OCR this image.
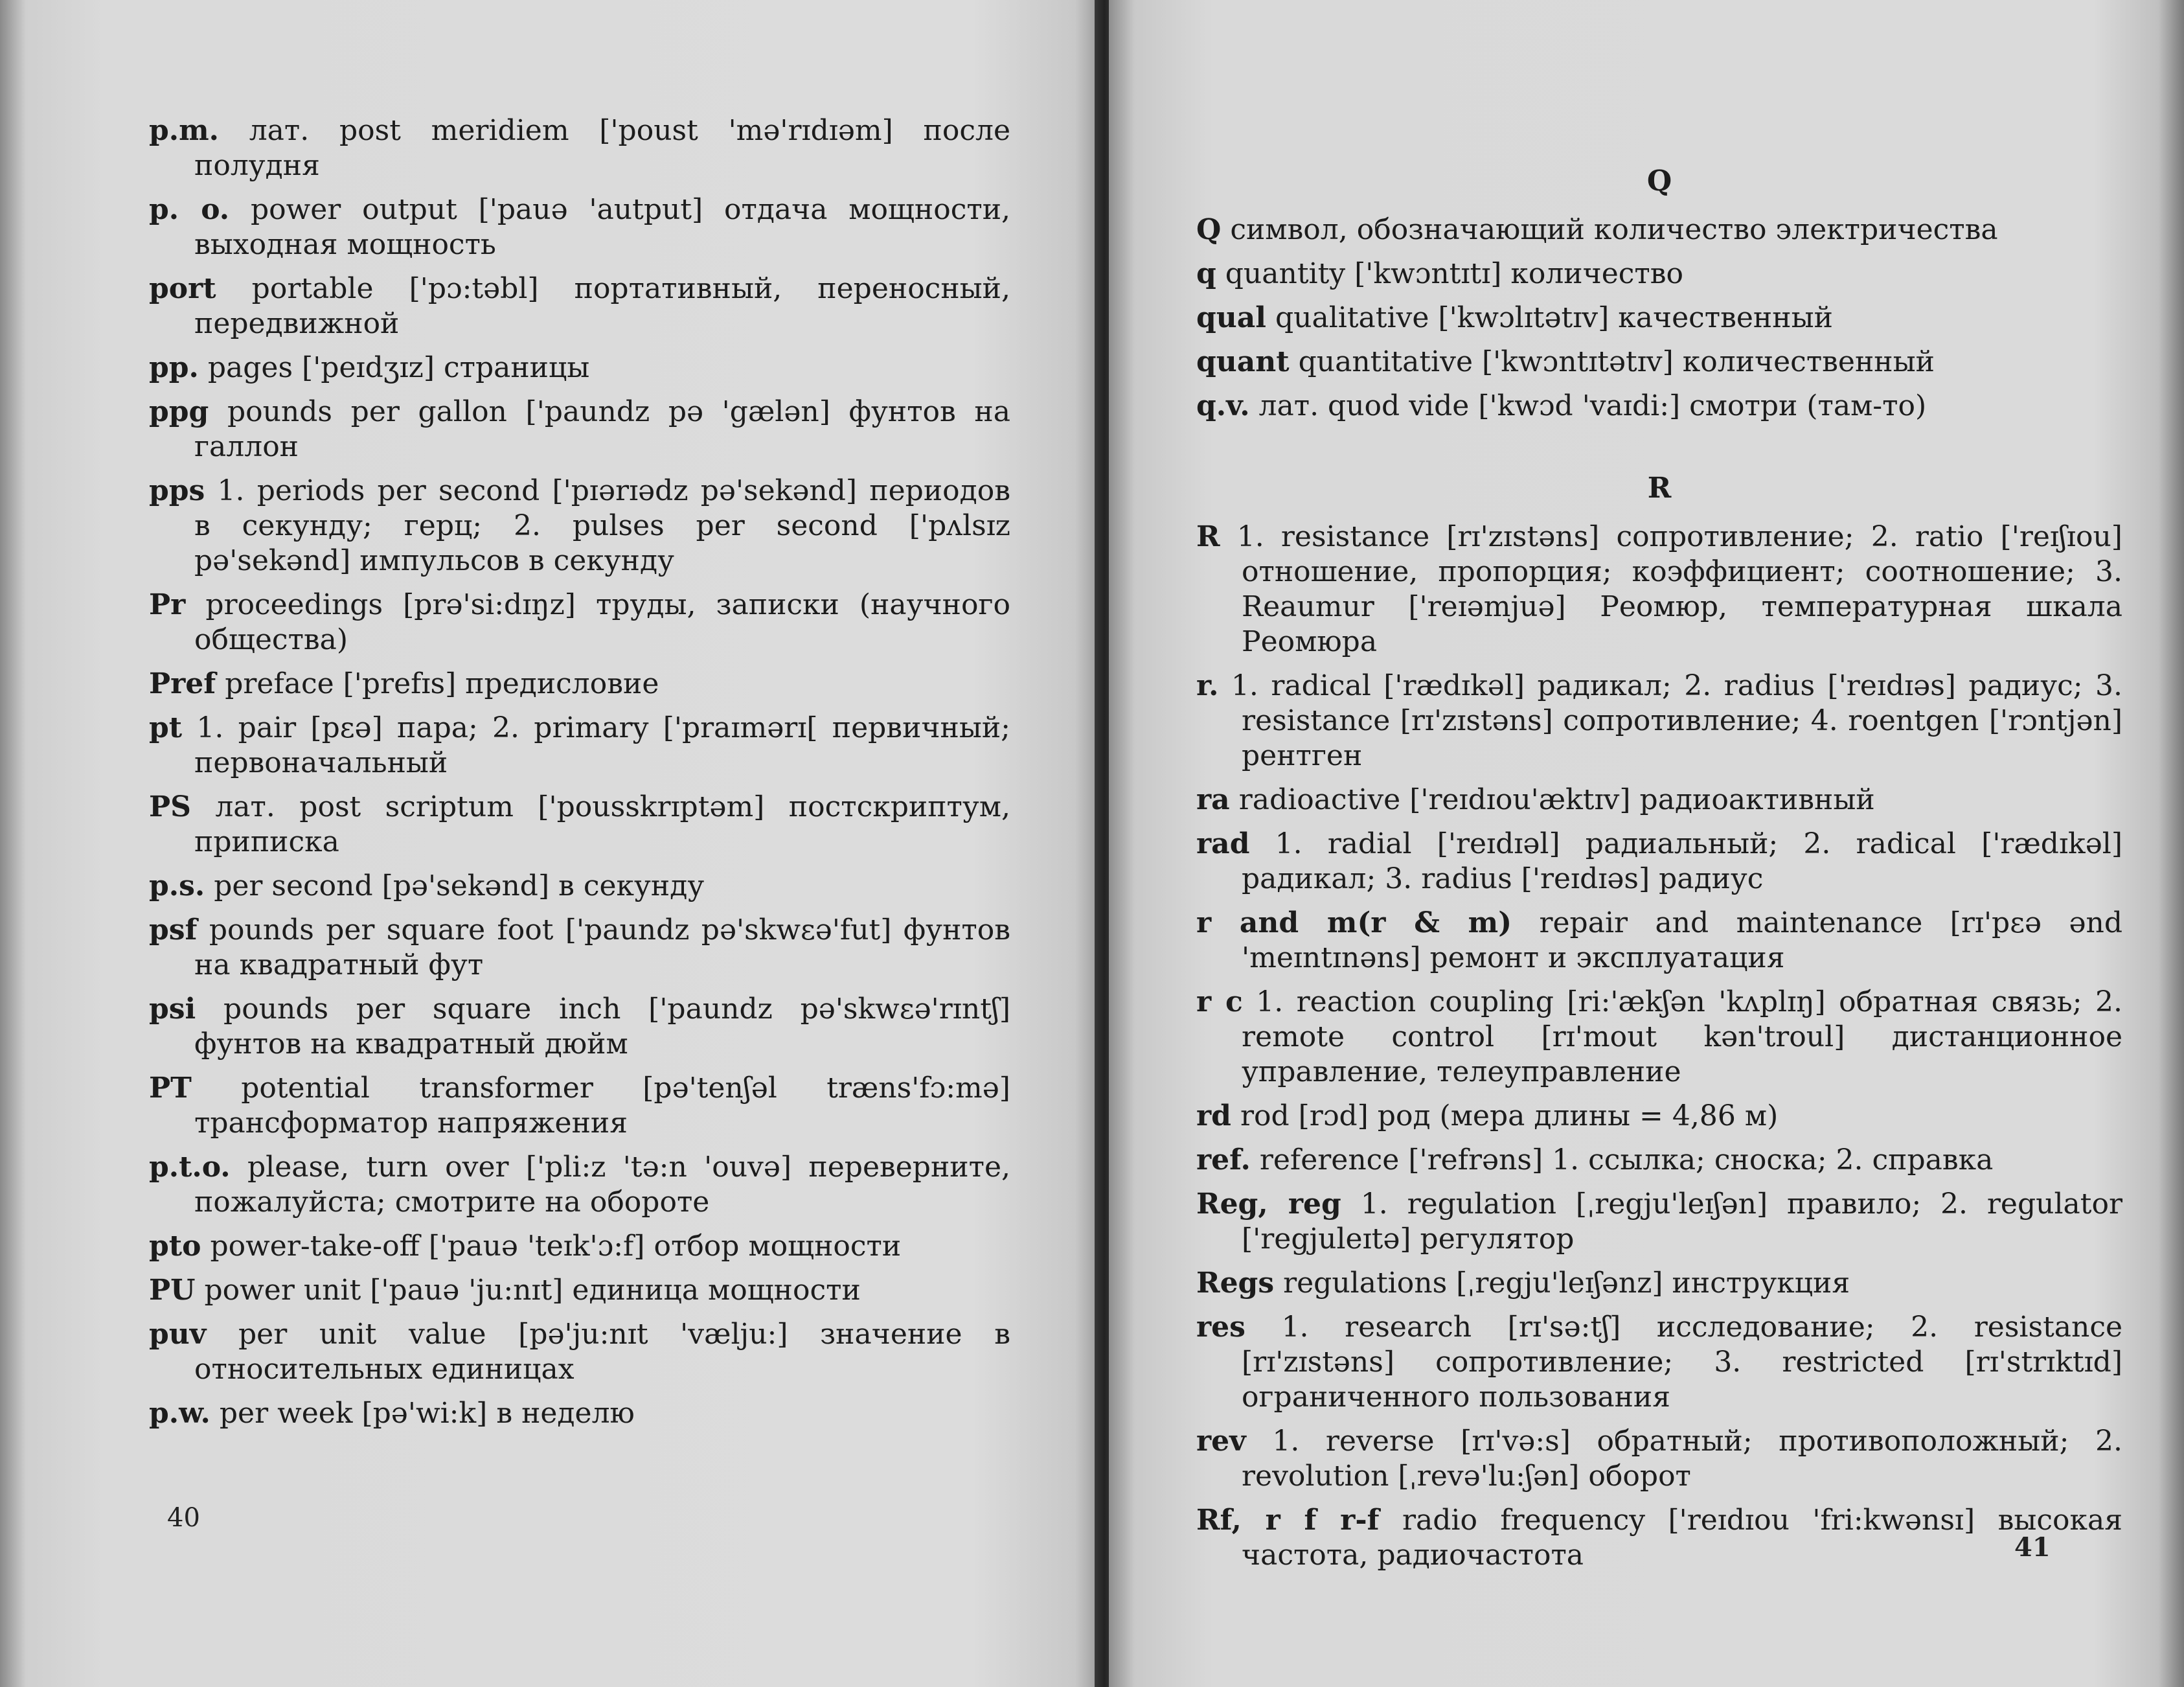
p.m. лат. post meridiem ['poust 'mə'rɪdɪəm] после полудня
p. o. power output ['pauə 'autput] отдача мощности, выходная мощность
port portable ['pɔ:təbl] портативный, переносный, передвижной
pp. pages ['peɪdʒɪz] страницы
ppg pounds per gallon ['paundz pə 'gælən] фунтов на галлон
pps 1. periods per second ['pɪərɪədz pə'sekənd] периодов в секунду; герц; 2. pulses per second ['pʌlsɪz pə'sekənd] импульсов в секунду
Pr proceedings [prə'si:dɪŋz] труды, записки (научного общества)
Pref preface ['prefɪs] предисловие
pt 1. pair [pɛə] пара; 2. primary ['praɪmərɪ[ первичный; первоначальный
PS лат. post scriptum ['pousskrɪptəm] постскриптум, приписка
p.s. per second [pə'sekənd] в секунду
psf pounds per square foot ['paundz pə'skwɛə'fut] фунтов на квадратный фут
psi pounds per square inch ['paundz pə'skwɛə'rɪntʃ] фунтов на квадратный дюйм
PT potential transformer [pə'tenʃəl træns'fɔ:mə] трансформатор напряжения
p.t.o. please, turn over ['pli:z 'tə:n 'ouvə] переверните, пожалуйста; смотрите на обороте
pto power-take-off ['pauə 'teɪk'ɔ:f] отбор мощности
PU power unit ['pauə 'ju:nɪt] единица мощности
puv per unit value [pə'ju:nɪt 'vælju:] значение в относительных единицах
p.w. per week [pə'wi:k] в неделю
40
Q
Q символ, обозначающий количество электричества
q quantity ['kwɔntɪtɪ] количество
qual qualitative ['kwɔlɪtətɪv] качественный
quant quantitative ['kwɔntɪtətɪv] количественный
q.v. лат. quod vide ['kwɔd 'vaɪdi:] смотри (там-то)
R
R 1. resistance [rɪ'zɪstəns] сопротивление; 2. ratio ['reɪʃɪou] отношение, пропорция; коэффициент; соотношение; 3. Reaumur ['reɪəmjuə] Реомюр, температурная шкала Реомюра
r. 1. radical ['rædɪkəl] радикал; 2. radius ['reɪdɪəs] радиус; 3. resistance [rɪ'zɪstəns] сопротивление; 4. roentgen ['rɔntjən] рентген
ra radioactive ['reɪdɪou'æktɪv] радиоактивный
rad 1. radial ['reɪdɪəl] радиальный; 2. radical ['rædɪkəl] радикал; 3. radius ['reɪdɪəs] радиус
r and m(r & m) repair and maintenance [rɪ'pɛə ənd 'meɪntɪnəns] ремонт и эксплуатация
r c 1. reaction coupling [ri:'ækʃən 'kʌplɪŋ] обратная связь; 2. remote control [rɪ'mout kən'troul] дистанционное управление, телеуправление
rd rod [rɔd] род (мера длины = 4,86 м)
ref. reference ['refrəns] 1. ссылка; сноска; 2. справка
Reg, reg 1. regulation [ˌregju'leɪʃən] правило; 2. regulator ['regjuleɪtə] регулятор
Regs regulations [ˌregju'leɪʃənz] инструкция
res 1. research [rɪ'sə:tʃ] исследование; 2. resistance [rɪ'zɪstəns] сопротивление; 3. restricted [rɪ'strɪktɪd] ограниченного пользования
rev 1. reverse [rɪ'və:s] обратный; противоположный; 2. revolution [ˌrevə'lu:ʃən] оборот
Rf, r f r-f radio frequency ['reɪdɪou 'fri:kwənsɪ] высокая частота, радиочастота	41
